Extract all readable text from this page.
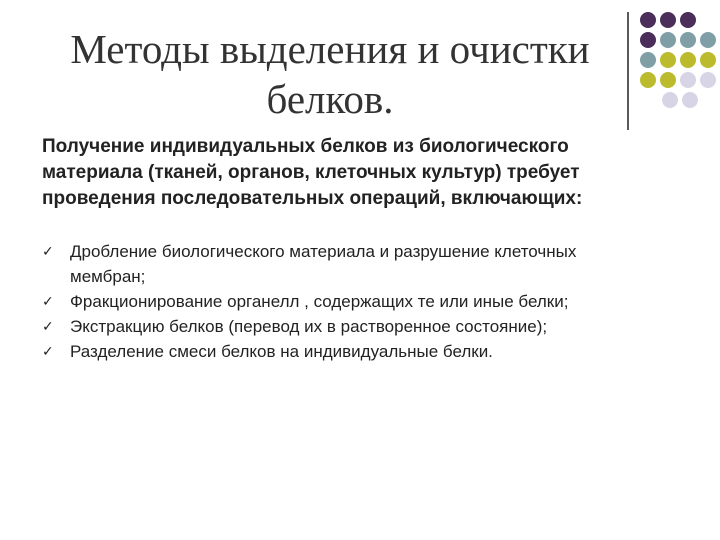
Методы выделения и очистки
белков.

Получение индивидуальных белков из биологического
материала (тканей, органов, клеточных культур) требует
проведения последовательных операций, включающих:

✓ Дробление биологического материала и разрушение клеточных
мембран;
✓ Фракционирование органелл , содержащих те или иные белки;
✓ Экстракцию белков (перевод их в растворенное состояние);
✓ Разделение смеси белков на индивидуальные белки.
